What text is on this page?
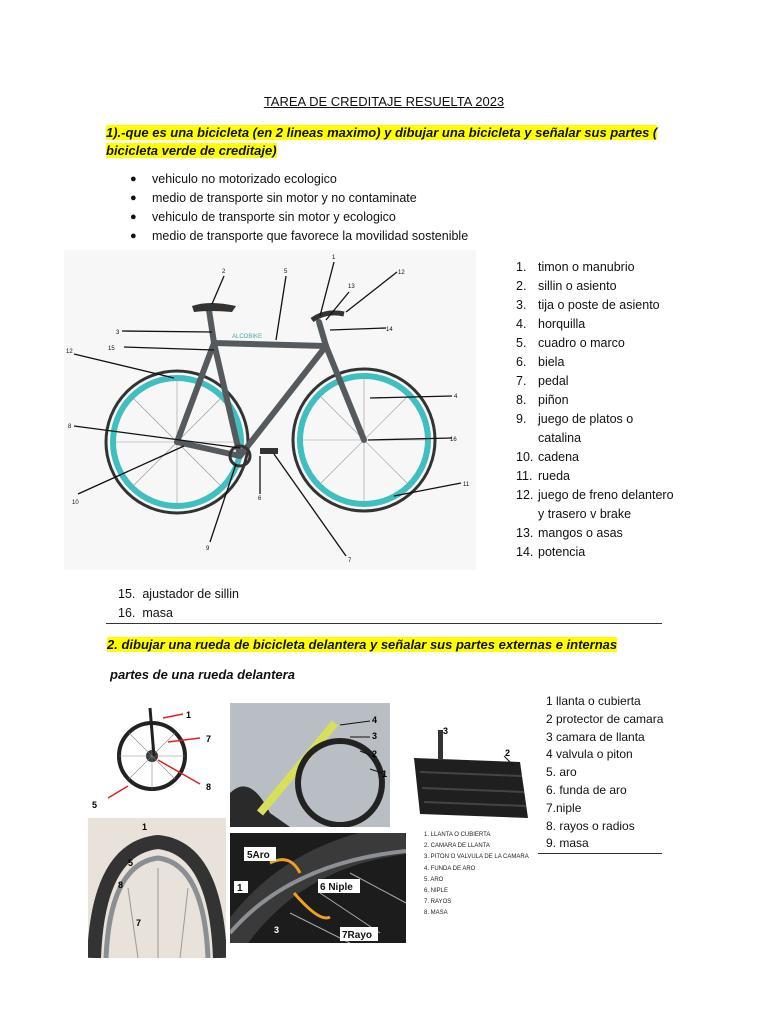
TAREA DE CREDITAJE RESUELTA 2023
1).-que es una bicicleta (en 2 lineas maximo) y dibujar una bicicleta y señalar sus partes ( bicicleta verde de creditaje)
● vehiculo no motorizado ecologico
● medio de transporte sin motor y no contaminate
● vehiculo de transporte sin motor y ecologico
● medio de transporte que favorece la movilidad sostenible
ALCOBIKE
1
2
3
4
5
6
7
8
9
10
11
12
12
13
14
15
16
1. timon o manubrio
2. sillin o asiento
3. tija o poste de asiento
4. horquilla
5. cuadro o marco
6. biela
7. pedal
8. piñon
9. juego de platos o catalina
10. cadena
11. rueda
12. juego de freno delantero y trasero v brake
13. mangos o asas
14. potencia
15. ajustador de sillin
16. masa
2. dibujar una rueda de bicicleta delantera y señalar sus partes externas e internas
partes de una rueda delantera
1
7
8
5
4
3
2
1
3
2
1
5
8
7
5Aro
1	6 Niple
7Rayo
3
1. LLANTA O CUBIERTA
2. CAMARA DE LLANTA
3. PITON O VALVULA DE LA CAMARA
4. FUNDA DE ARO
5. ARO
6. NIPLE
7. RAYOS
8. MASA
1 llanta o cubierta
2 protector de camara
3 camara de llanta
4 valvula o piton
5. aro
6. funda de aro
7.niple
8. rayos o radios
9. masa
